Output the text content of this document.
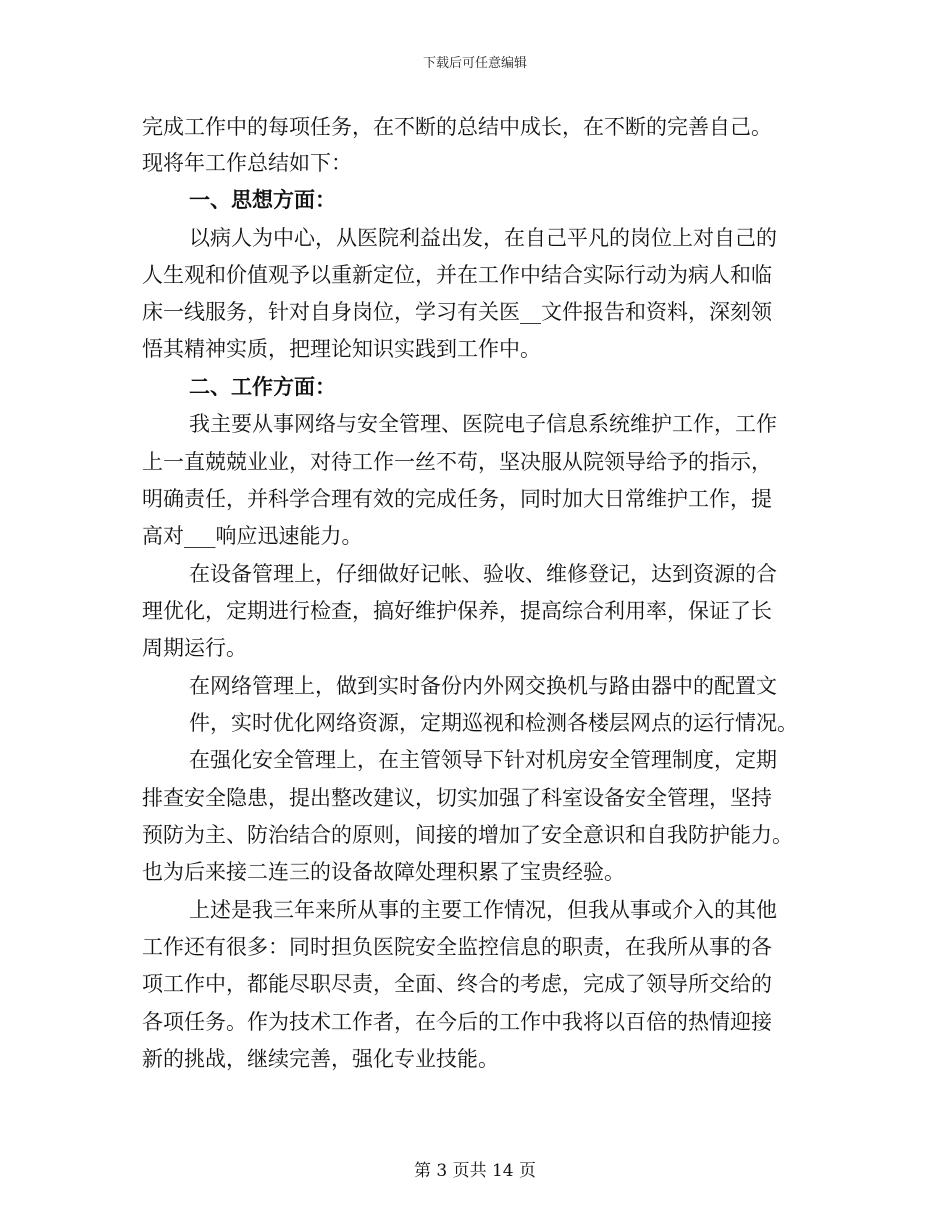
下载后可任意编辑
完成工作中的每项任务，在不断的总结中成长，在不断的完善自己。
现将年工作总结如下：
一、思想方面：
以病人为中心，从医院利益出发，在自己平凡的岗位上对自己的
人生观和价值观予以重新定位，并在工作中结合实际行动为病人和临
床一线服务，针对自身岗位，学习有关医__文件报告和资料，深刻领
悟其精神实质，把理论知识实践到工作中。
二、工作方面：
我主要从事网络与安全管理、医院电子信息系统维护工作，工作
上一直兢兢业业，对待工作一丝不苟，坚决服从院领导给予的指示，
明确责任，并科学合理有效的完成任务，同时加大日常维护工作，提
高对___响应迅速能力。
在设备管理上，仔细做好记帐、验收、维修登记，达到资源的合
理优化，定期进行检查，搞好维护保养，提高综合利用率，保证了长
周期运行。
在网络管理上，做到实时备份内外网交换机与路由器中的配置文
件，实时优化网络资源，定期巡视和检测各楼层网点的运行情况。
在强化安全管理上，在主管领导下针对机房安全管理制度，定期
排查安全隐患，提出整改建议，切实加强了科室设备安全管理，坚持
预防为主、防治结合的原则，间接的增加了安全意识和自我防护能力。
也为后来接二连三的设备故障处理积累了宝贵经验。
上述是我三年来所从事的主要工作情况，但我从事或介入的其他
工作还有很多：同时担负医院安全监控信息的职责，在我所从事的各
项工作中，都能尽职尽责，全面、终合的考虑，完成了领导所交给的
各项任务。作为技术工作者，在今后的工作中我将以百倍的热情迎接
新的挑战，继续完善，强化专业技能。
第 3 页共 14 页
